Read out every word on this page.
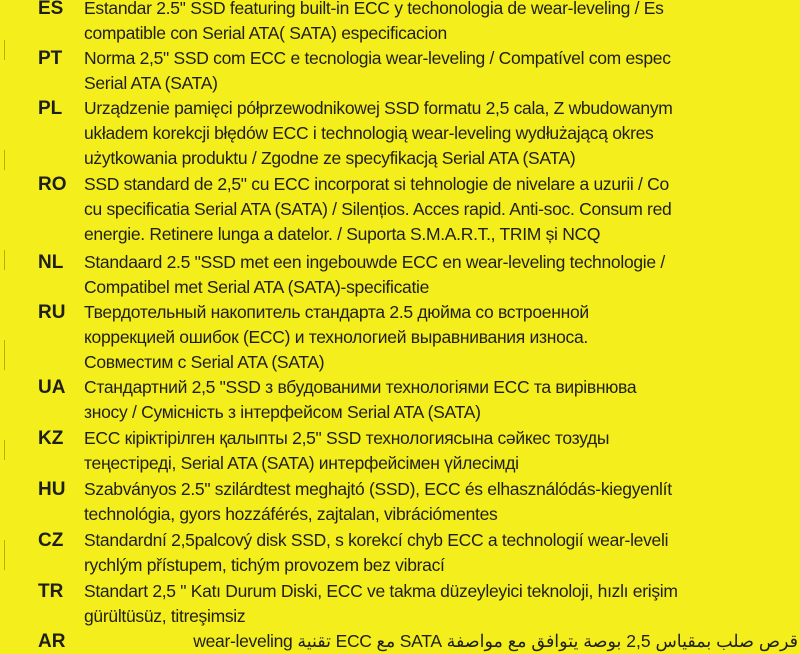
ES	Estandar 2.5'' SSD featuring built-in ECC y techonologia de wear-leveling / Es
compatible con Serial ATA( SATA) especificacion
PT	Norma 2,5" SSD com ECC e tecnologia wear-leveling / Compatível com espec
Serial ATA (SATA)
PL	Urządzenie pamięci półprzewodnikowej SSD formatu 2,5 cala, Z wbudowanym
układem korekcji błędów ECC i technologią wear-leveling wydłużającą okres
użytkowania produktu / Zgodne ze specyfikacją Serial ATA (SATA)
RO	SSD standard de 2,5" cu ECC incorporat si tehnologie de nivelare a uzurii / Co
cu specificatia Serial ATA (SATA) / Silențios. Acces rapid. Anti-soc. Consum red
energie. Retinere lunga a datelor. / Suporta S.M.A.R.T., TRIM și NCQ
NL	Standaard 2.5 "SSD met een ingebouwde ECC en wear-leveling technologie /
Compatibel met Serial ATA (SATA)-specificatie
RU	Твердотельный накопитель стандарта 2.5 дюйма со встроенной
коррекцией ошибок (ECC) и технологией выравнивания износа.
Совместим с Serial ATA (SATA)
UA	Стандартний 2,5 "SSD з вбудованими технологіями ECC та вирівнюва
зносу / Сумісність з інтерфейсом Serial ATA (SATA)
KZ	ECC кіріктірілген қалыпты 2,5" SSD технологиясына сәйкес тозуды
теңестіреді, Serial ATA (SATA) интерфейсімен үйлесімді
HU	Szabványos 2.5" szilárdtest meghajtó (SSD), ECC és elhasználódás-kiegyenlít
technológia, gyors hozzáférés, zajtalan, vibrációmentes
CZ	Standardní 2,5palcový disk SSD, s korekcí chyb ECC a technologií wear-leveli
rychlým přístupem, tichým provozem bez vibrací
TR	Standart 2,5 " Katı Durum Diski, ECC ve takma düzeyleyici teknoloji, hızlı erişim
gürültüsüz, titreşimsiz
AR	قرص صلب بمقياس 2,5 بوصة يتوافق مع مواصفة SATA مع ECC تقنية wear-leveling
